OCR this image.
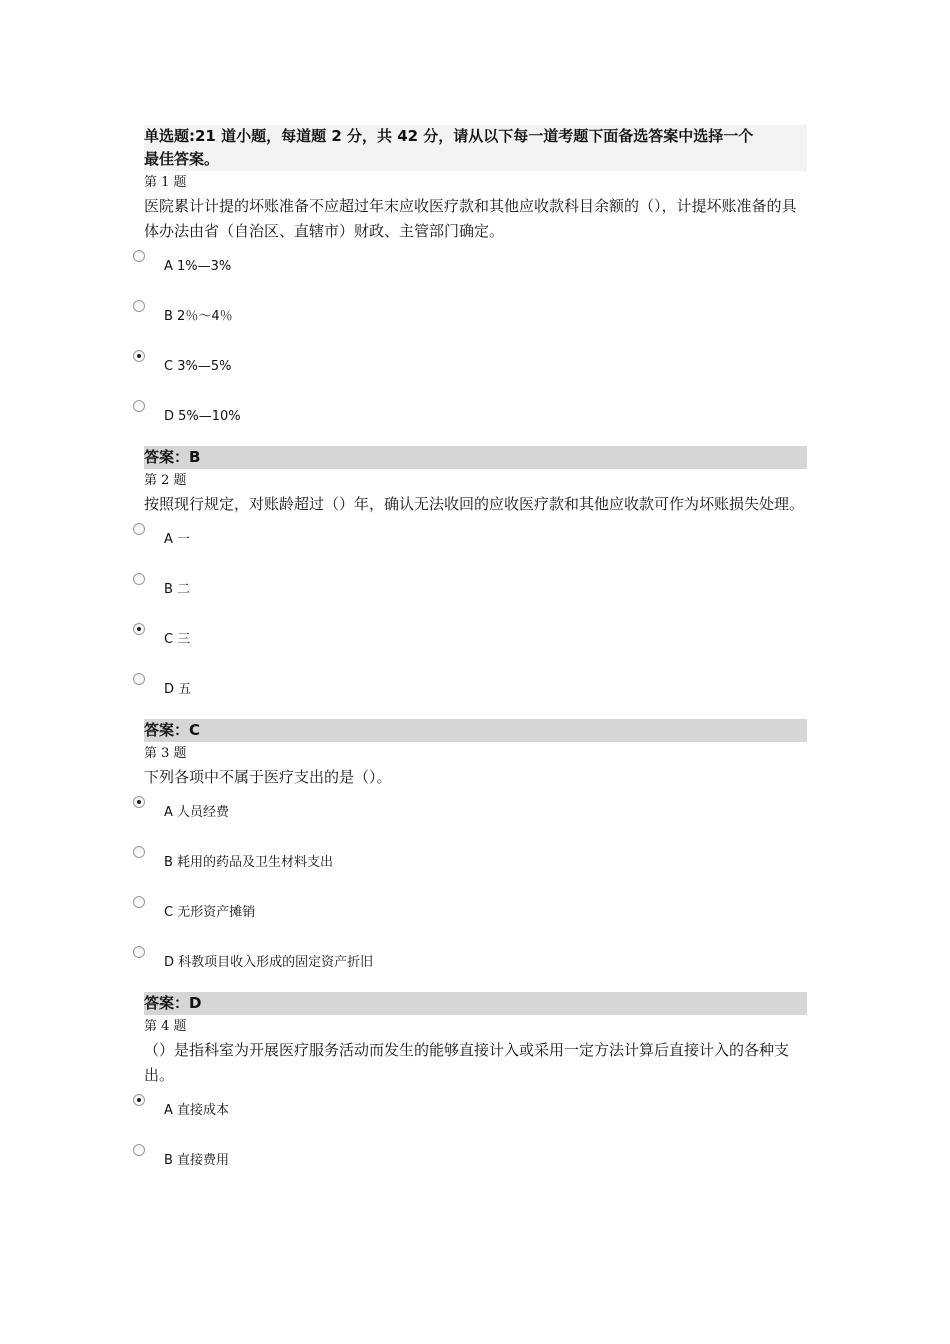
单选题:21 道小题，每道题 2 分，共 42 分，请从以下每一道考题下面备选答案中选择一个
最佳答案。
第 1 题
医院累计计提的坏账准备不应超过年末应收医疗款和其他应收款科目余额的（），计提坏账准备的具体办法由省（自治区、直辖市）财政、主管部门确定。
A 1%—3%
B 2％～4％
C 3%—5%
D 5%—10%
答案：B
第 2 题
按照现行规定，对账龄超过（）年，确认无法收回的应收医疗款和其他应收款可作为坏账损失处理。
A 一
B 二
C 三
D 五
答案：C
第 3 题
下列各项中不属于医疗支出的是（）。
A 人员经费
B 耗用的药品及卫生材料支出
C 无形资产摊销
D 科教项目收入形成的固定资产折旧
答案：D
第 4 题
（）是指科室为开展医疗服务活动而发生的能够直接计入或采用一定方法计算后直接计入的各种支出。
A 直接成本
B 直接费用
